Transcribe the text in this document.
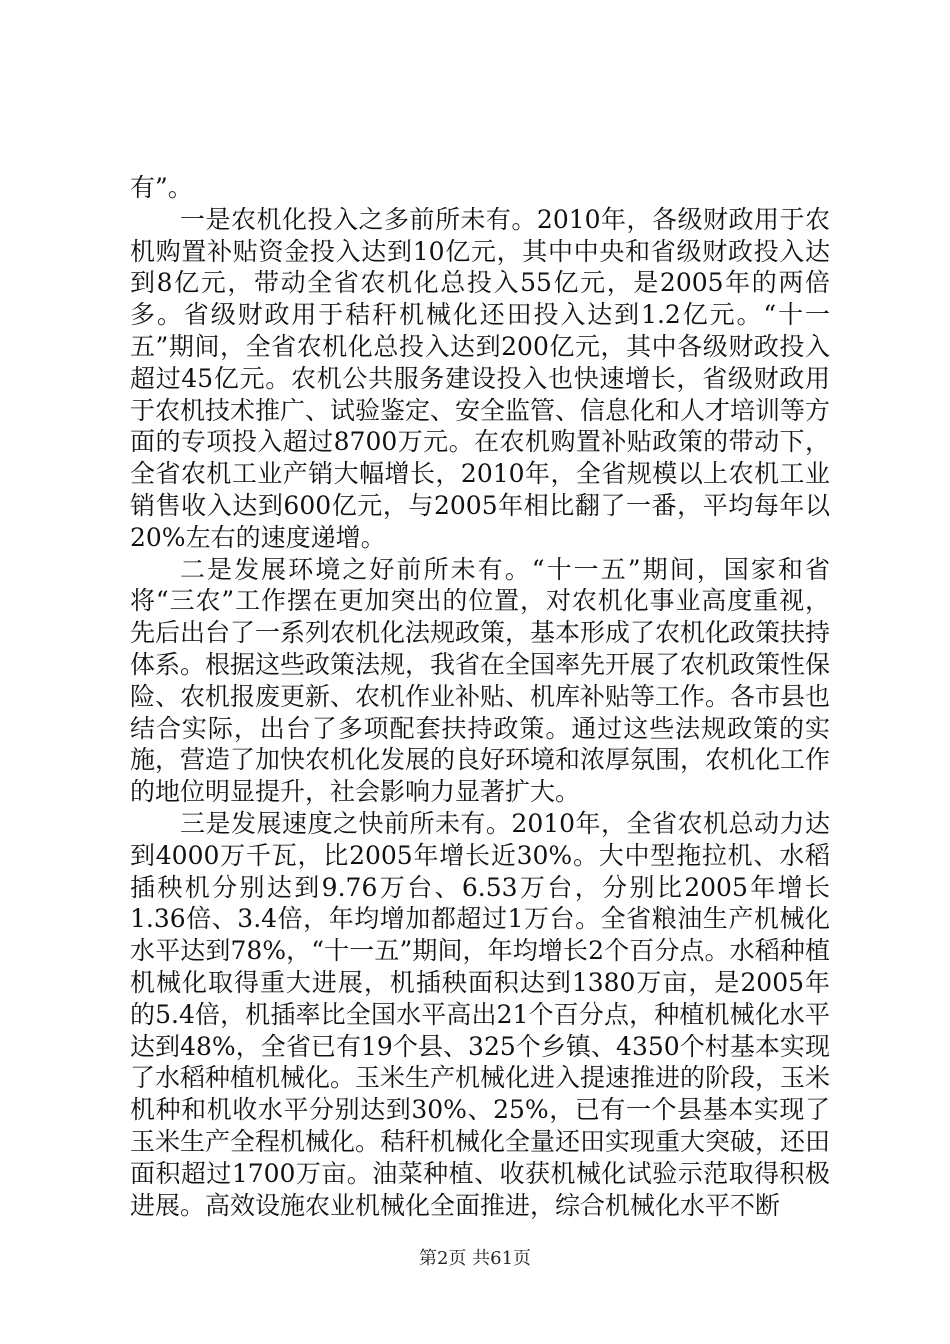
有”。

一是农机化投入之多前所未有。2010年，各级财政用于农机购置补贴资金投入达到10亿元，其中中央和省级财政投入达到8亿元，带动全省农机化总投入55亿元，是2005年的两倍多。省级财政用于秸秆机械化还田投入达到1.2亿元。“十一五”期间，全省农机化总投入达到200亿元，其中各级财政投入超过45亿元。农机公共服务建设投入也快速增长，省级财政用于农机技术推广、试验鉴定、安全监管、信息化和人才培训等方面的专项投入超过8700万元。在农机购置补贴政策的带动下，全省农机工业产销大幅增长，2010年，全省规模以上农机工业销售收入达到600亿元，与2005年相比翻了一番，平均每年以20%左右的速度递增。

二是发展环境之好前所未有。“十一五”期间，国家和省将“三农”工作摆在更加突出的位置，对农机化事业高度重视，先后出台了一系列农机化法规政策，基本形成了农机化政策扶持体系。根据这些政策法规，我省在全国率先开展了农机政策性保险、农机报废更新、农机作业补贴、机库补贴等工作。各市县也结合实际，出台了多项配套扶持政策。通过这些法规政策的实施，营造了加快农机化发展的良好环境和浓厚氛围，农机化工作的地位明显提升，社会影响力显著扩大。

三是发展速度之快前所未有。2010年，全省农机总动力达到4000万千瓦，比2005年增长近30%。大中型拖拉机、水稻插秧机分别达到9.76万台、6.53万台，分别比2005年增长1.36倍、3.4倍，年均增加都超过1万台。全省粮油生产机械化水平达到78%，“十一五”期间，年均增长2个百分点。水稻种植机械化取得重大进展，机插秧面积达到1380万亩，是2005年的5.4倍，机插率比全国水平高出21个百分点，种植机械化水平达到48%，全省已有19个县、325个乡镇、4350个村基本实现了水稻种植机械化。玉米生产机械化进入提速推进的阶段，玉米机种和机收水平分别达到30%、25%，已有一个县基本实现了玉米生产全程机械化。秸秆机械化全量还田实现重大突破，还田面积超过1700万亩。油菜种植、收获机械化试验示范取得积极进展。高效设施农业机械化全面推进，综合机械化水平不断

第2页 共61页
